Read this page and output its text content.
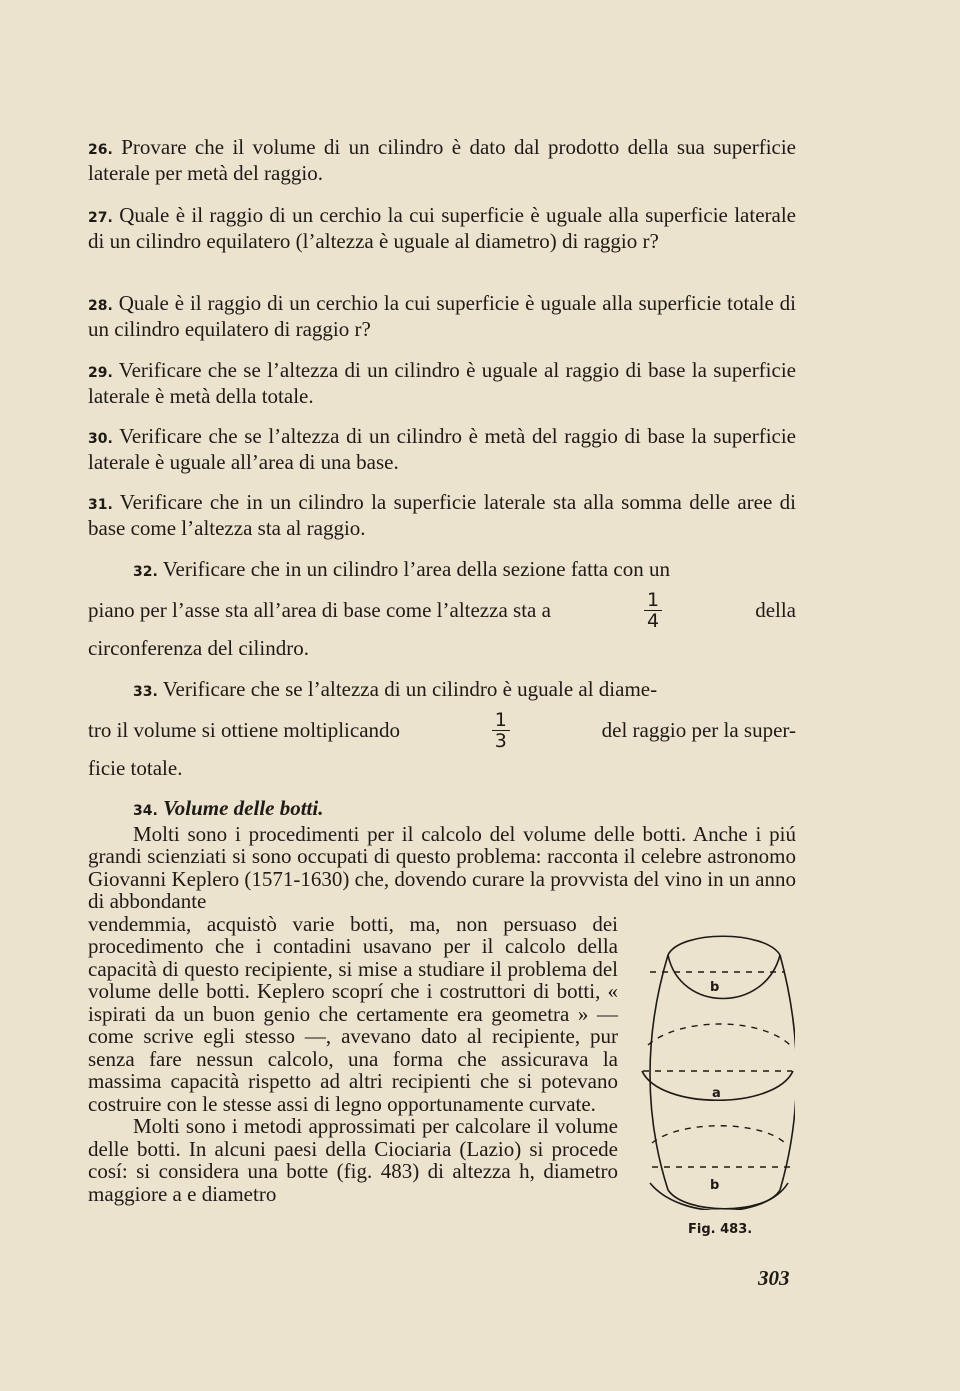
26. Provare che il volume di un cilindro è dato dal prodotto della sua superficie laterale per metà del raggio.
27. Quale è il raggio di un cerchio la cui superficie è uguale alla superficie laterale di un cilindro equilatero (l’altezza è uguale al diametro) di raggio r?
28. Quale è il raggio di un cerchio la cui superficie è uguale alla superficie totale di un cilindro equilatero di raggio r?
29. Verificare che se l’altezza di un cilindro è uguale al raggio di base la superficie laterale è metà della totale.
30. Verificare che se l’altezza di un cilindro è metà del raggio di base la superficie laterale è uguale all’area di una base.
31. Verificare che in un cilindro la superficie laterale sta alla somma delle aree di base come l’altezza sta al raggio.
32. Verificare che in un cilindro l’area della sezione fatta con un
piano per l’asse sta all’area di base come l’altezza sta a	$\frac{1}{4}$	della
circonferenza del cilindro.
33. Verificare che se l’altezza di un cilindro è uguale al diame-
tro il volume si ottiene moltiplicando	$\frac{1}{3}$	del raggio per la super-
ficie totale.
34. Volume delle botti.
Molti sono i procedimenti per il calcolo del volume delle botti. Anche i piú grandi scienziati si sono occupati di questo problema: racconta il celebre astronomo Giovanni Keplero (1571-1630) che, dovendo curare la provvista del vino in un anno di abbondante
vendemmia, acquistò varie botti, ma, non persuaso dei procedimento che i contadini usavano per il calcolo della capacità di questo recipiente, si mise a studiare il problema del volume delle botti. Keplero scoprí che i costruttori di botti, « ispirati da un buon genio che certamente era geometra » — come scrive egli stesso —, avevano dato al recipiente, pur senza fare nessun calcolo, una forma che assicurava la massima capacità rispetto ad altri recipienti che si potevano costruire con le stesse assi di legno opportunamente curvate.
Molti sono i metodi approssimati per calcolare il volume delle botti. In alcuni paesi della Ciociaria (Lazio) si procede cosí: si considera una botte (fig. 483) di altezza h, diametro maggiore a e diametro
b
a
b
Fig. 483.
303
